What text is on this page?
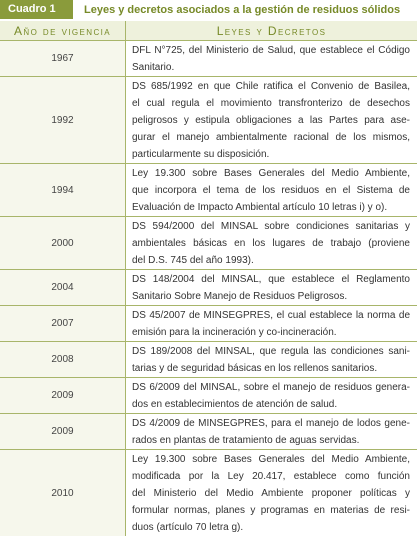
Cuadro 1	Leyes y decretos asociados a la gestión de residuos sólidos
Año de vigencia	Leyes y Decretos
1967
DFL N°725, del Ministerio de Salud, que establece el Código
Sanitario.
1992
DS 685/1992 en que Chile ratifica el Convenio de Basilea,
el cual regula el movimiento transfronterizo de desechos
peligrosos y estipula obligaciones a las Partes para ase-
gurar el manejo ambientalmente racional de los mismos,
particularmente su disposición.
1994
Ley 19.300 sobre Bases Generales del Medio Ambiente,
que incorpora el tema de los residuos en el Sistema de
Evaluación de Impacto Ambiental artículo 10 letras i) y o).
2000
DS 594/2000 del MINSAL sobre condiciones sanitarias y
ambientales básicas en los lugares de trabajo (proviene
del D.S. 745 del año 1993).
2004
DS 148/2004 del MINSAL, que establece el Reglamento
Sanitario Sobre Manejo de Residuos Peligrosos.
2007
DS 45/2007 de MINSEGPRES, el cual establece la norma de
emisión para la incineración y co-incineración.
2008
DS 189/2008 del MINSAL, que regula las condiciones sani-
tarias y de seguridad básicas en los rellenos sanitarios.
2009
DS 6/2009 del MINSAL, sobre el manejo de residuos genera-
dos en establecimientos de atención de salud.
2009
DS 4/2009 de MINSEGPRES, para el manejo de lodos gene-
rados en plantas de tratamiento de aguas servidas.
2010
Ley 19.300 sobre Bases Generales del Medio Ambiente,
modificada por la Ley 20.417, establece como función
del Ministerio del Medio Ambiente proponer políticas y
formular normas, planes y programas en materias de resi-
duos (artículo 70 letra g).
